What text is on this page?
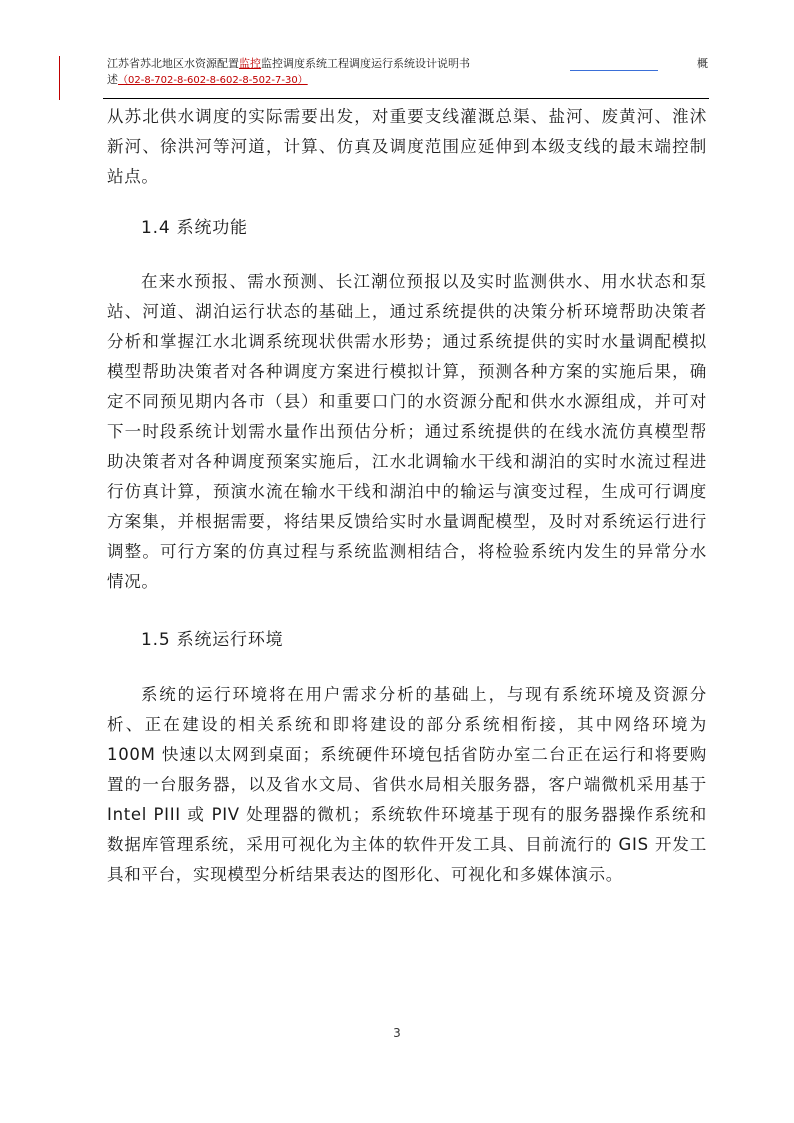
江苏省苏北地区水资源配置监控监控调度系统工程调度运行系统设计说明书
述（02-8-702-8-602-8-602-8-502-7-30）
概

从苏北供水调度的实际需要出发，对重要支线灌溉总渠、盐河、废黄河、淮沭新河、徐洪河等河道，计算、仿真及调度范围应延伸到本级支线的最末端控制站点。

1.4 系统功能

在来水预报、需水预测、长江潮位预报以及实时监测供水、用水状态和泵站、河道、湖泊运行状态的基础上，通过系统提供的决策分析环境帮助决策者分析和掌握江水北调系统现状供需水形势；通过系统提供的实时水量调配模拟模型帮助决策者对各种调度方案进行模拟计算，预测各种方案的实施后果，确定不同预见期内各市（县）和重要口门的水资源分配和供水水源组成，并可对下一时段系统计划需水量作出预估分析；通过系统提供的在线水流仿真模型帮助决策者对各种调度预案实施后，江水北调输水干线和湖泊的实时水流过程进行仿真计算，预演水流在输水干线和湖泊中的输运与演变过程，生成可行调度方案集，并根据需要，将结果反馈给实时水量调配模型，及时对系统运行进行调整。可行方案的仿真过程与系统监测相结合，将检验系统内发生的异常分水情况。

1.5 系统运行环境

系统的运行环境将在用户需求分析的基础上，与现有系统环境及资源分析、正在建设的相关系统和即将建设的部分系统相衔接，其中网络环境为 100M 快速以太网到桌面；系统硬件环境包括省防办室二台正在运行和将要购置的一台服务器，以及省水文局、省供水局相关服务器，客户端微机采用基于 Intel PIII 或 PIV 处理器的微机；系统软件环境基于现有的服务器操作系统和数据库管理系统，采用可视化为主体的软件开发工具、目前流行的 GIS 开发工具和平台，实现模型分析结果表达的图形化、可视化和多媒体演示。

3
